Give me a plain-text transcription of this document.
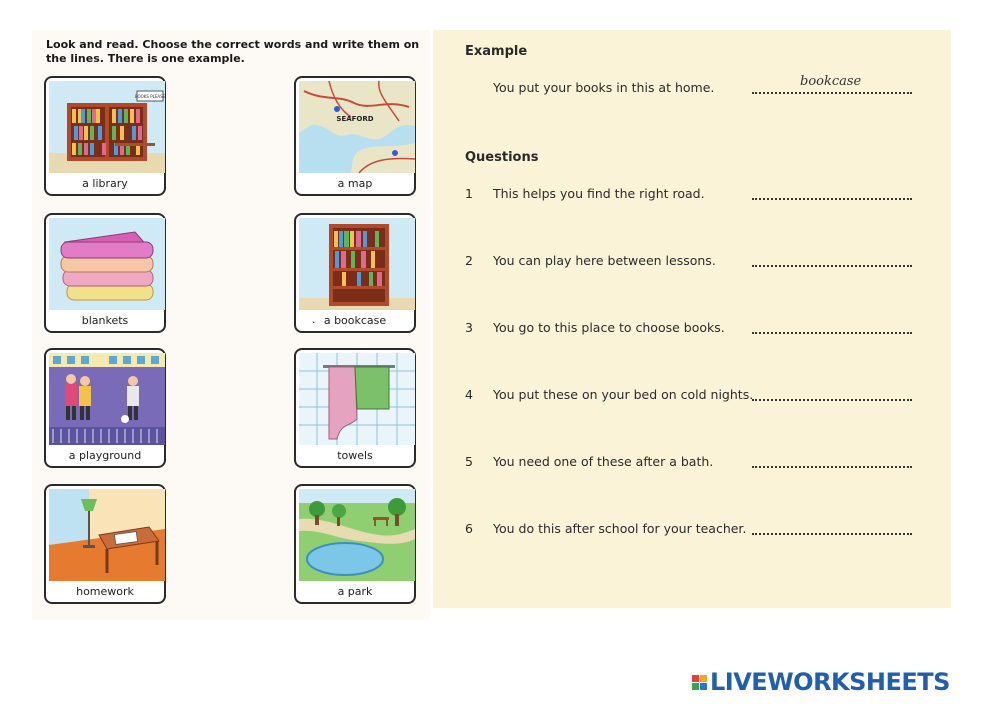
Look and read. Choose the correct words and write them on the lines. There is one example.
BOOKS PLEASE
a library
SEAFORD
a map
blankets	. a bookcase
a playground	towels
homework	a park
Example
You put your books in this at home.	bookcase
Questions
1 This helps you find the right road.
2 You can play here between lessons.
3 You go to this place to choose books.
4 You put these on your bed on cold nights.
5 You need one of these after a bath.
6 You do this after school for your teacher.
LIVEWORKSHEETS
